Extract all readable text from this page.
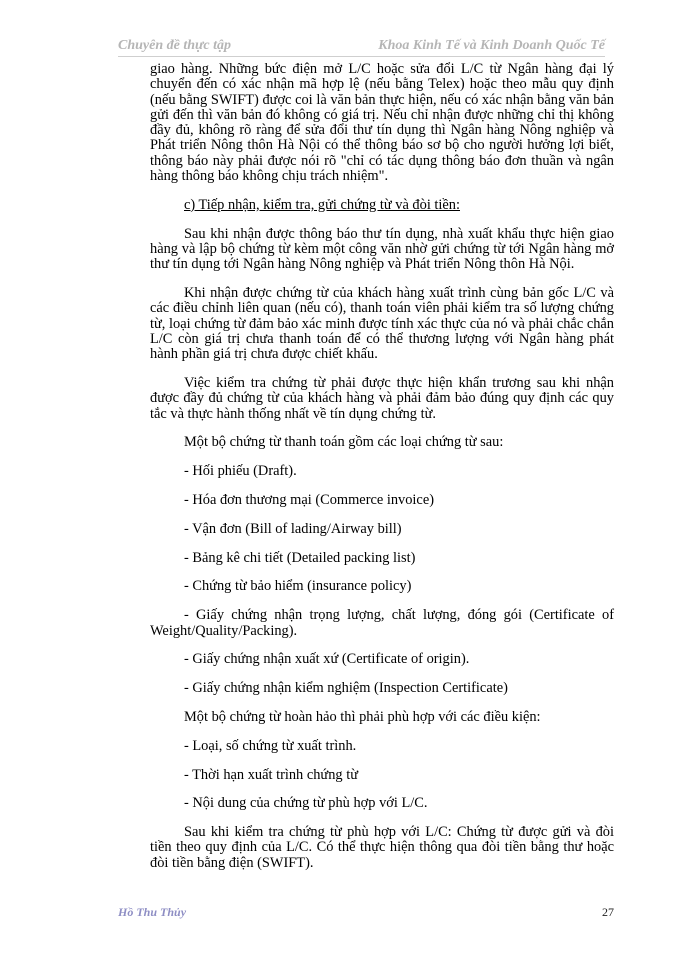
Chuyên đề thực tập	Khoa Kinh Tế và Kinh Doanh Quốc Tế

giao hàng. Những bức điện mở L/C hoặc sửa đổi L/C từ Ngân hàng đại lý chuyển đến có xác nhận mã hợp lệ (nếu bằng Telex) hoặc theo mẫu quy định (nếu bằng SWIFT) được coi là văn bản thực hiện, nếu có xác nhận bằng văn bản gửi đến thì văn bản đó không có giá trị. Nếu chỉ nhận được những chỉ thị không đầy đủ, không rõ ràng để sửa đổi thư tín dụng thì Ngân hàng Nông nghiệp và Phát triển Nông thôn Hà Nội có thể thông báo sơ bộ cho người hưởng lợi biết, thông báo này phải được nói rõ "chỉ có tác dụng thông báo đơn thuần và ngân hàng thông báo không chịu trách nhiệm".

c) Tiếp nhận, kiểm tra, gửi chứng từ và đòi tiền:

Sau khi nhận được thông báo thư tín dụng, nhà xuất khẩu thực hiện giao hàng và lập bộ chứng từ kèm một công văn nhờ gửi chứng từ tới Ngân hàng mở thư tín dụng tới Ngân hàng Nông nghiệp và Phát triển Nông thôn Hà Nội.

Khi nhận được chứng từ của khách hàng xuất trình cùng bản gốc L/C và các điều chỉnh liên quan (nếu có), thanh toán viên phải kiểm tra số lượng chứng từ, loại chứng từ đảm bảo xác minh được tính xác thực của nó và phải chắc chắn L/C còn giá trị chưa thanh toán để có thể thương lượng với Ngân hàng phát hành phần giá trị chưa được chiết khấu.

Việc kiểm tra chứng từ phải được thực hiện khẩn trương sau khi nhận được đầy đủ chứng từ của khách hàng và phải đảm bảo đúng quy định các quy tắc và thực hành thống nhất về tín dụng chứng từ.

Một bộ chứng từ thanh toán gồm các loại chứng từ sau:

- Hối phiếu (Draft).

- Hóa đơn thương mại (Commerce invoice)

- Vận đơn (Bill of lading/Airway bill)

- Bảng kê chi tiết (Detailed packing list)

- Chứng từ bảo hiểm (insurance policy)

- Giấy chứng nhận trọng lượng, chất lượng, đóng gói (Certificate of Weight/Quality/Packing).

- Giấy chứng nhận xuất xứ (Certificate of origin).

- Giấy chứng nhận kiểm nghiệm (Inspection Certificate)

Một bộ chứng từ hoàn hảo thì phải phù hợp với các điều kiện:

- Loại, số chứng từ xuất trình.

- Thời hạn xuất trình chứng từ

- Nội dung của chứng từ phù hợp với L/C.

Sau khi kiểm tra chứng từ phù hợp với L/C: Chứng từ được gửi và đòi tiền theo quy định của L/C. Có thể thực hiện thông qua đòi tiền bằng thư hoặc đòi tiền bằng điện (SWIFT).

Hồ Thu Thủy	27
